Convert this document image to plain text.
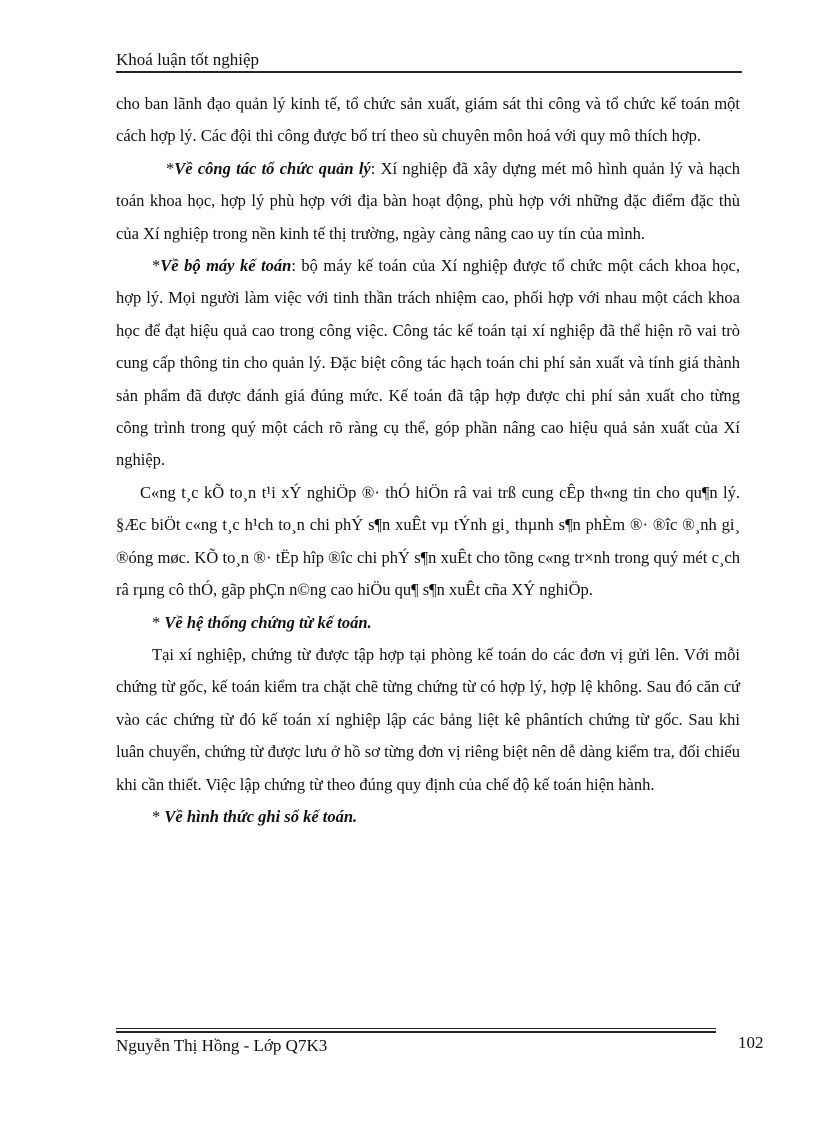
Khoá luận tốt nghiệp

cho ban lãnh đạo quản lý kinh tế, tổ chức sản xuất, giám sát thi công và tổ chức kế toán một cách hợp lý. Các đội thi công được bố trí theo sù chuyên môn hoá với quy mô thích hợp.

*Về công tác tổ chức quản lý: Xí nghiệp đã xây dựng mét mô hình quản lý và hạch toán khoa học, hợp lý phù hợp với địa bàn hoạt động, phù hợp với những đặc điểm đặc thù của Xí nghiệp trong nền kinh tế thị trường, ngày càng nâng cao uy tín của mình.

*Về bộ máy kế toán: bộ máy kế toán của Xí nghiệp được tổ chức một cách khoa học, hợp lý. Mọi người làm việc với tinh thần trách nhiệm cao, phối hợp với nhau một cách khoa học để đạt hiệu quả cao trong công việc. Công tác kế toán tại xí nghiệp đã thể hiện rõ vai trò cung cấp thông tin cho quản lý. Đặc biệt công tác hạch toán chi phí sản xuất và tính giá thành sản phẩm đã được đánh giá đúng mức. Kế toán đã tập hợp được chi phí sản xuất cho từng công trình trong quý một cách rõ ràng cụ thể, góp phần nâng cao hiệu quả sản xuất của Xí nghiệp.

C«ng t¸c kÕ to¸n t¹i xÝ nghiÖp ®· thÓ hiÖn râ vai trß cung cÊp th«ng tin cho qu¶n lý. §Æc biÖt c«ng t¸c h¹ch to¸n chi phÝ s¶n xuÊt vµ tÝnh gi¸ thµnh s¶n phÈm ®· ®îc ®¸nh gi¸ ®óng møc. KÕ to¸n ®· tËp hîp ®îc chi phÝ s¶n xuÊt cho tõng c«ng tr×nh trong quý mét c¸ch râ rµng cô thÓ, gãp phÇn n©ng cao hiÖu qu¶ s¶n xuÊt cña XÝ nghiÖp.

* Về hệ thống chứng từ kế toán.

Tại xí nghiệp, chứng từ được tập hợp tại phòng kế toán do các đơn vị gửi lên. Với mỗi chứng từ gốc, kế toán kiểm tra chặt chẽ từng chứng từ có hợp lý, hợp lệ không. Sau đó căn cứ vào các chứng từ đó kế toán xí nghiệp lập các bảng liệt kê phântích chứng từ gốc. Sau khi luân chuyển, chứng từ được lưu ở hồ sơ từng đơn vị riêng biệt nên dễ dàng kiểm tra, đối chiếu khi cần thiết. Việc lập chứng từ theo đúng quy định của chế độ kế toán hiện hành.

* Về hình thức ghi sổ kế toán.

Nguyễn Thị Hồng - Lớp Q7K3	102
